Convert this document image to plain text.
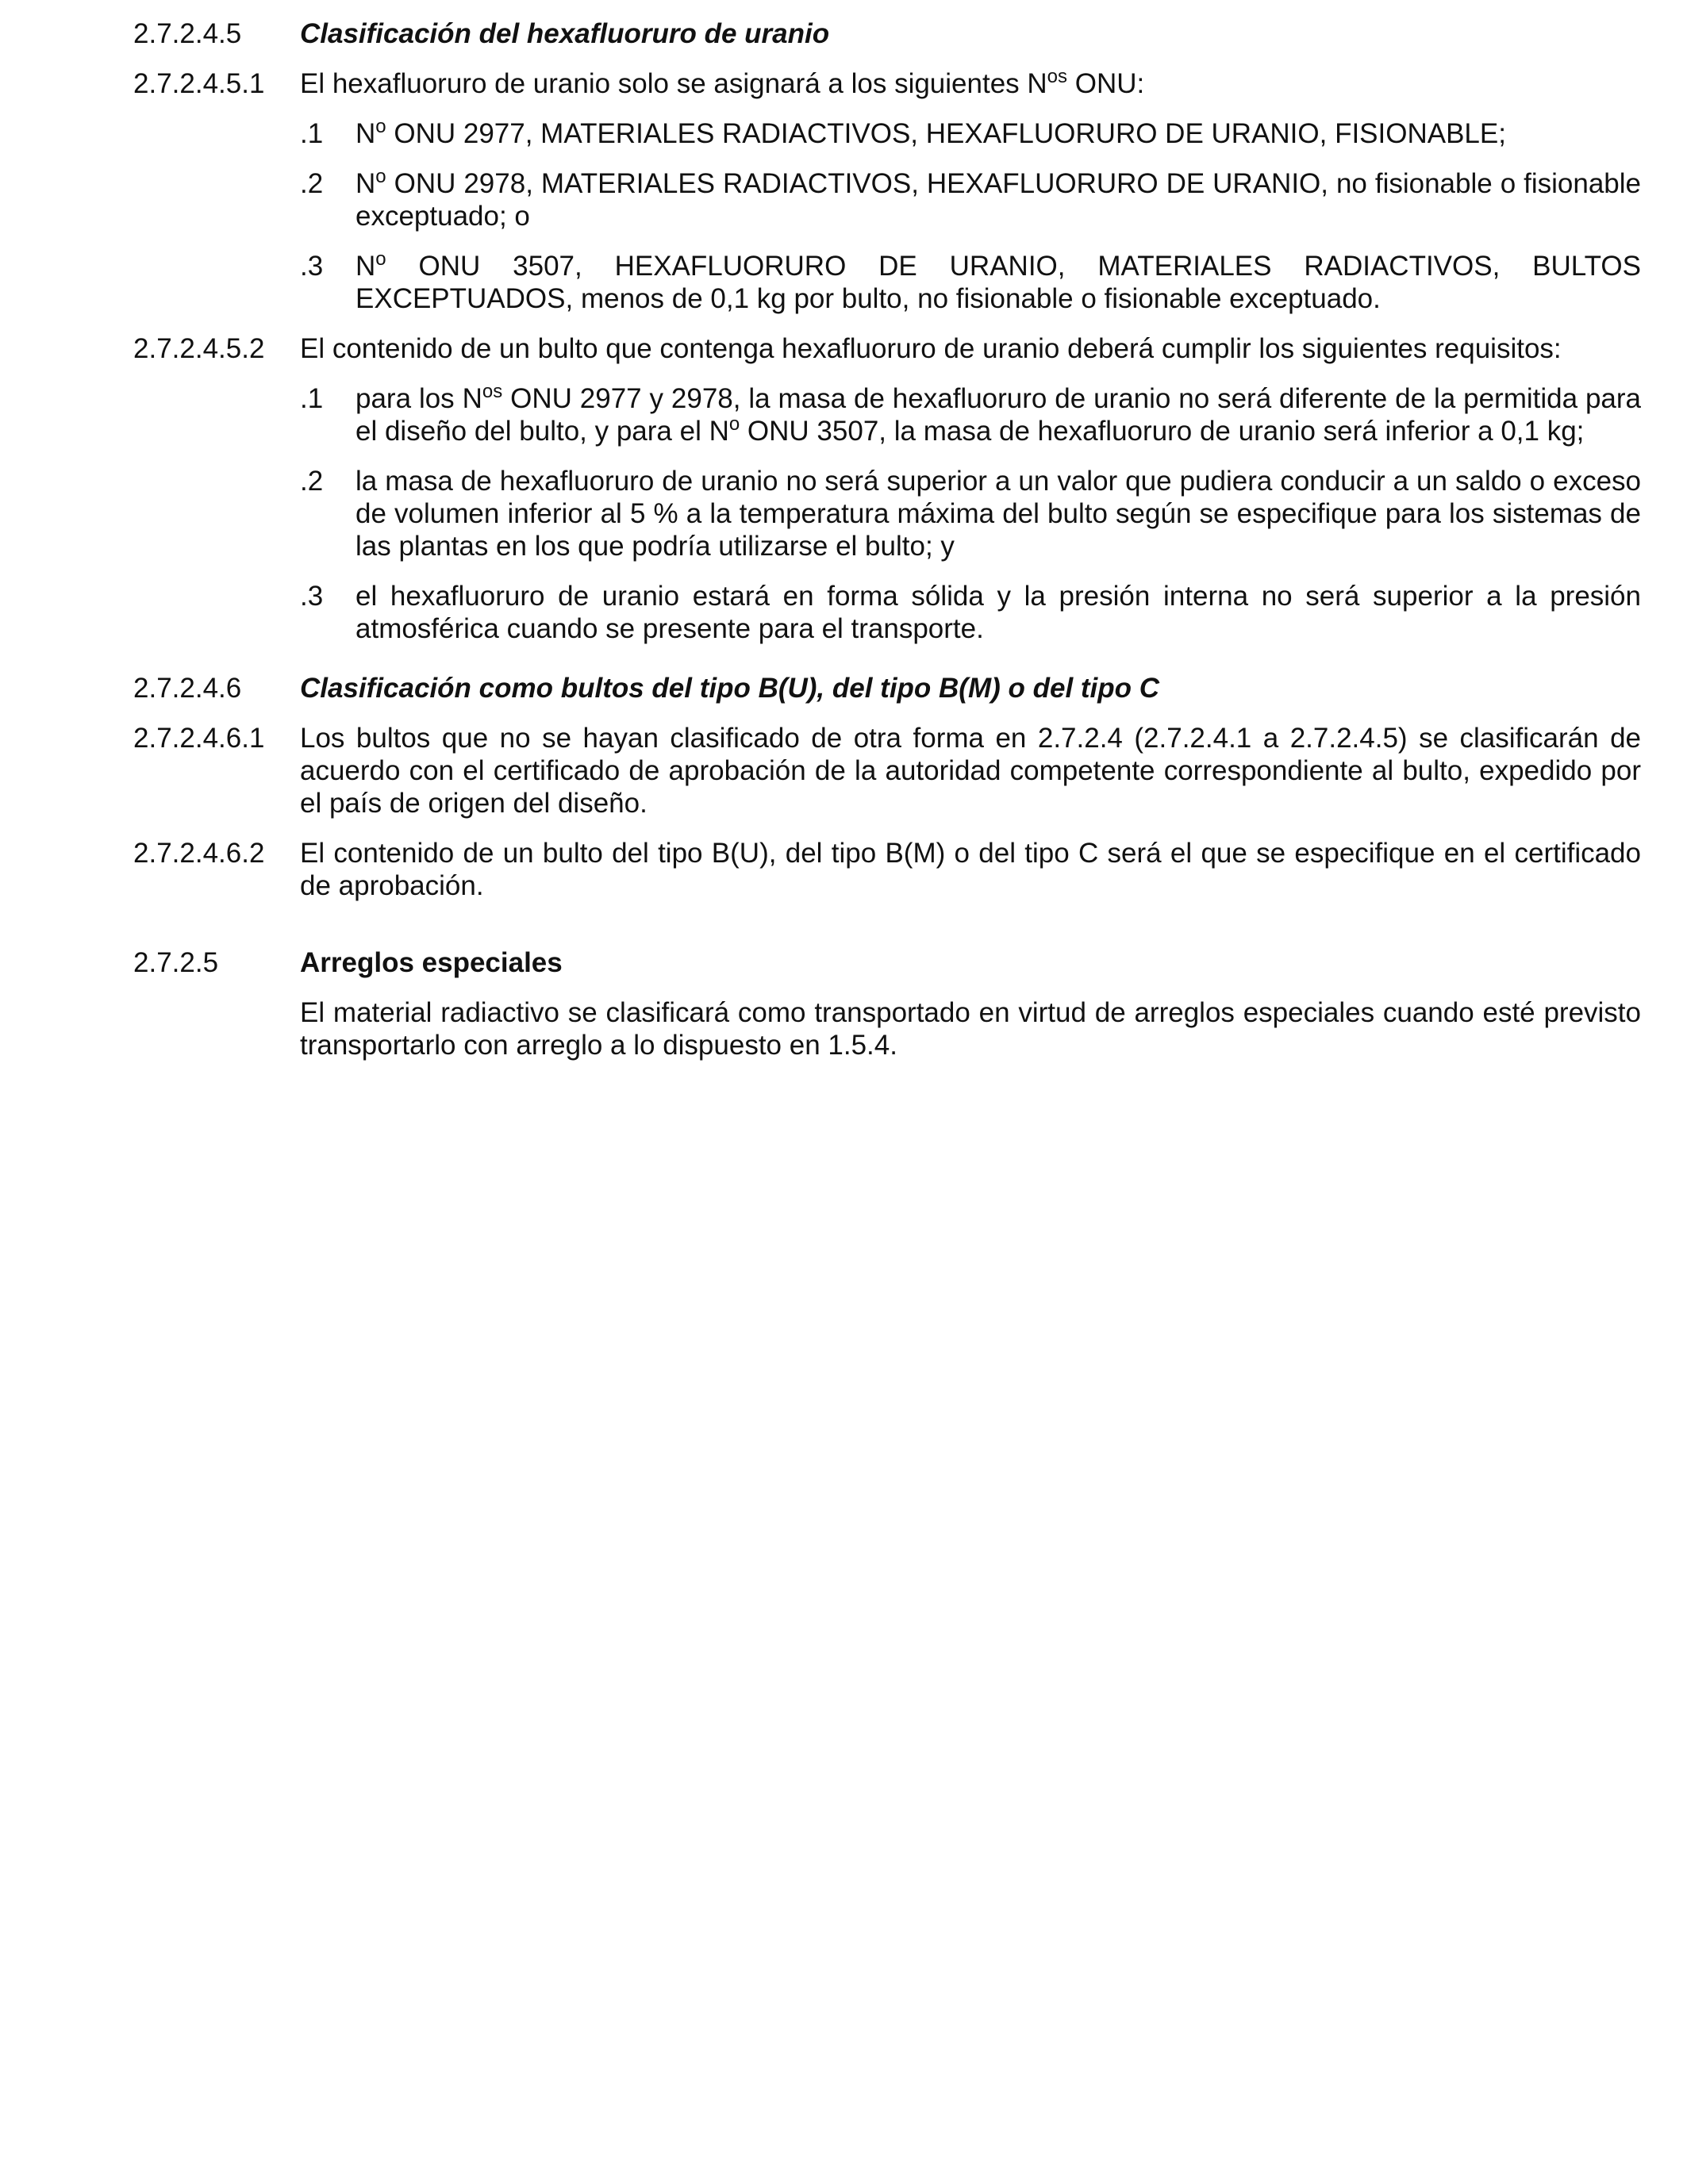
2.7.2.4.5	Clasificación del hexafluoruro de uranio
2.7.2.4.5.1	El hexafluoruro de uranio solo se asignará a los siguientes $N^{os}$ ONU:
.1	$N^o$ ONU 2977, MATERIALES RADIACTIVOS, HEXAFLUORURO DE URANIO, FISIONABLE;
.2	$N^o$ ONU 2978, MATERIALES RADIACTIVOS, HEXAFLUORURO DE URANIO, no fisionable o fisionable exceptuado; o
.3	$N^o$ ONU 3507, HEXAFLUORURO DE URANIO, MATERIALES RADIACTIVOS, BULTOS EXCEPTUADOS, menos de 0,1 kg por bulto, no fisionable o fisionable exceptuado.
2.7.2.4.5.2	El contenido de un bulto que contenga hexafluoruro de uranio deberá cumplir los siguientes requisitos:
.1	para los $N^{os}$ ONU 2977 y 2978, la masa de hexafluoruro de uranio no será diferente de la permitida para el diseño del bulto, y para el $N^o$ ONU 3507, la masa de hexafluoruro de uranio será inferior a 0,1 kg;
.2	la masa de hexafluoruro de uranio no será superior a un valor que pudiera conducir a un saldo o exceso de volumen inferior al 5 % a la temperatura máxima del bulto según se especifique para los sistemas de las plantas en los que podría utilizarse el bulto; y
.3	el hexafluoruro de uranio estará en forma sólida y la presión interna no será superior a la presión atmosférica cuando se presente para el transporte.
2.7.2.4.6	Clasificación como bultos del tipo B(U), del tipo B(M) o del tipo C
2.7.2.4.6.1	Los bultos que no se hayan clasificado de otra forma en 2.7.2.4 (2.7.2.4.1 a 2.7.2.4.5) se clasificarán de acuerdo con el certificado de aprobación de la autoridad competente correspondiente al bulto, expedido por el país de origen del diseño.
2.7.2.4.6.2	El contenido de un bulto del tipo B(U), del tipo B(M) o del tipo C será el que se especifique en el certificado de aprobación.
2.7.2.5	Arreglos especiales
El material radiactivo se clasificará como transportado en virtud de arreglos especiales cuando esté previsto transportarlo con arreglo a lo dispuesto en 1.5.4.
